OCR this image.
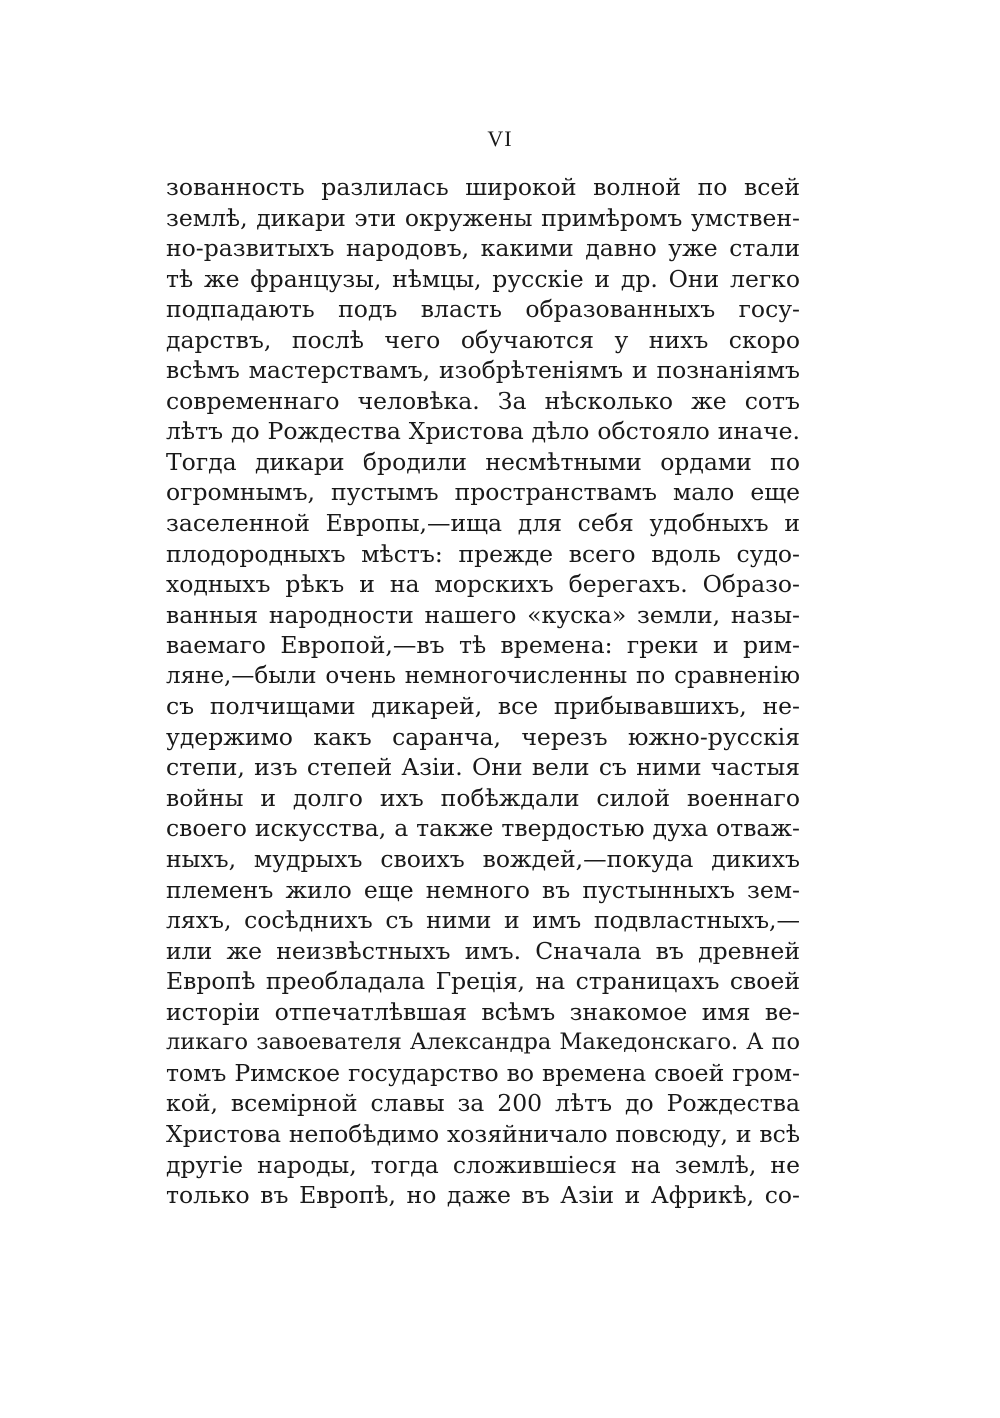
VI
зованность разлилась широкой волной по всей
землѣ, дикари эти окружены примѣромъ умствен-
но-развитыхъ народовъ, какими давно уже стали
тѣ же французы, нѣмцы, русскіе и др. Они легко
подпадають подъ власть образованныхъ госу-
дарствъ, послѣ чего обучаются у нихъ скоро
всѣмъ мастерствамъ, изобрѣтеніямъ и познаніямъ
современнаго человѣка. За нѣсколько же сотъ
лѣтъ до Рождества Христова дѣло обстояло иначе.
Тогда дикари бродили несмѣтными ордами по
огромнымъ, пустымъ пространствамъ мало еще
заселенной Европы,—ища для себя удобныхъ и
плодородныхъ мѣстъ: прежде всего вдоль судо-
ходныхъ рѣкъ и на морскихъ берегахъ. Образо-
ванныя народности нашего «куска» земли, назы-
ваемаго Европой,—въ тѣ времена: греки и рим-
ляне,—были очень немногочисленны по сравненію
съ полчищами дикарей, все прибывавшихъ, не-
удержимо какъ саранча, черезъ южно-русскія
степи, изъ степей Азіи. Они вели съ ними частыя
войны и долго ихъ побѣждали силой военнаго
своего искусства, а также твердостью духа отваж-
ныхъ, мудрыхъ своихъ вождей,—покуда дикихъ
племенъ жило еще немного въ пустынныхъ зем-
ляхъ, сосѣднихъ съ ними и имъ подвластныхъ,—
или же неизвѣстныхъ имъ. Сначала въ древней
Европѣ преобладала Греція, на страницахъ своей
исторіи отпечатлѣвшая всѣмъ знакомое имя ве-
ликаго завоевателя Александра Македонскаго. А по
томъ Римское государство во времена своей гром-
кой, всемірной славы за 200 лѣтъ до Рождества
Христова непобѣдимо хозяйничало повсюду, и всѣ
другіе народы, тогда сложившіеся на землѣ, не
только въ Европѣ, но даже въ Азіи и Африкѣ, со-
